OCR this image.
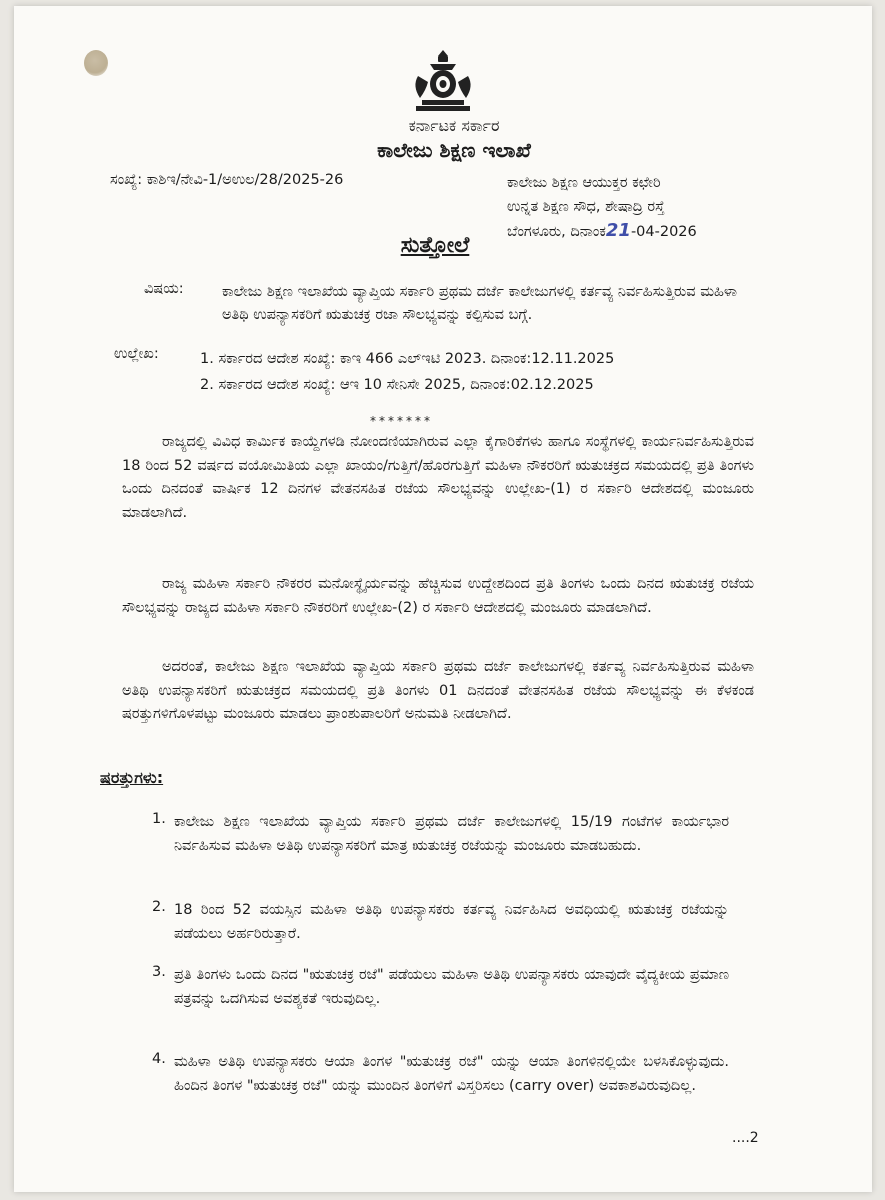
ಕರ್ನಾಟಕ ಸರ್ಕಾರ
ಕಾಲೇಜು ಶಿಕ್ಷಣ ಇಲಾಖೆ
ಸಂಖ್ಯೆ: ಕಾಶಿಇ/ನೇವಿ-1/ಅಉಲ/28/2025-26	ಕಾಲೇಜು ಶಿಕ್ಷಣ ಆಯುಕ್ತರ ಕಛೇರಿ
ಉನ್ನತ ಶಿಕ್ಷಣ ಸೌಧ, ಶೇಷಾದ್ರಿ ರಸ್ತೆ
ಬೆಂಗಳೂರು, ದಿನಾಂಕ21-04-2026
ಸುತ್ತೋಲೆ
ವಿಷಯ:	ಕಾಲೇಜು ಶಿಕ್ಷಣ ಇಲಾಖೆಯ ವ್ಯಾಪ್ತಿಯ ಸರ್ಕಾರಿ ಪ್ರಥಮ ದರ್ಜೆ ಕಾಲೇಜುಗಳಲ್ಲಿ ಕರ್ತವ್ಯ ನಿರ್ವಹಿಸುತ್ತಿರುವ ಮಹಿಳಾ ಅತಿಥಿ ಉಪನ್ಯಾಸಕರಿಗೆ ಋತುಚಕ್ರ ರಜಾ ಸೌಲಭ್ಯವನ್ನು ಕಲ್ಪಿಸುವ ಬಗ್ಗೆ.
ಉಲ್ಲೇಖ:	1. ಸರ್ಕಾರದ ಆದೇಶ ಸಂಖ್ಯೆ: ಕಾಇ 466 ಎಲ್ಇಟಿ 2023. ದಿನಾಂಕ:12.11.2025
2. ಸರ್ಕಾರದ ಆದೇಶ ಸಂಖ್ಯೆ: ಆಇ 10 ಸೇನಿಸೇ 2025, ದಿನಾಂಕ:02.12.2025
*******
ರಾಜ್ಯದಲ್ಲಿ ವಿವಿಧ ಕಾರ್ಮಿಕ ಕಾಯ್ದೆಗಳಡಿ ನೋಂದಣಿಯಾಗಿರುವ ಎಲ್ಲಾ ಕೈಗಾರಿಕೆಗಳು ಹಾಗೂ ಸಂಸ್ಥೆಗಳಲ್ಲಿ ಕಾರ್ಯನಿರ್ವಹಿಸುತ್ತಿರುವ 18 ರಿಂದ 52 ವರ್ಷದ ವಯೋಮಿತಿಯ ಎಲ್ಲಾ ಖಾಯಂ/ಗುತ್ತಿಗೆ/ಹೊರಗುತ್ತಿಗೆ ಮಹಿಳಾ ನೌಕರರಿಗೆ ಋತುಚಕ್ರದ ಸಮಯದಲ್ಲಿ ಪ್ರತಿ ತಿಂಗಳು ಒಂದು ದಿನದಂತೆ ವಾರ್ಷಿಕ 12 ದಿನಗಳ ವೇತನಸಹಿತ ರಜೆಯ ಸೌಲಭ್ಯವನ್ನು ಉಲ್ಲೇಖ-(1) ರ ಸರ್ಕಾರಿ ಆದೇಶದಲ್ಲಿ ಮಂಜೂರು ಮಾಡಲಾಗಿದೆ.
ರಾಜ್ಯ ಮಹಿಳಾ ಸರ್ಕಾರಿ ನೌಕರರ ಮನೋಸ್ಥೈರ್ಯವನ್ನು ಹೆಚ್ಚಿಸುವ ಉದ್ದೇಶದಿಂದ ಪ್ರತಿ ತಿಂಗಳು ಒಂದು ದಿನದ ಋತುಚಕ್ರ ರಜೆಯ ಸೌಲಭ್ಯವನ್ನು ರಾಜ್ಯದ ಮಹಿಳಾ ಸರ್ಕಾರಿ ನೌಕರರಿಗೆ ಉಲ್ಲೇಖ-(2) ರ ಸರ್ಕಾರಿ ಆದೇಶದಲ್ಲಿ ಮಂಜೂರು ಮಾಡಲಾಗಿದೆ.
ಅದರಂತೆ, ಕಾಲೇಜು ಶಿಕ್ಷಣ ಇಲಾಖೆಯ ವ್ಯಾಪ್ತಿಯ ಸರ್ಕಾರಿ ಪ್ರಥಮ ದರ್ಜೆ ಕಾಲೇಜುಗಳಲ್ಲಿ ಕರ್ತವ್ಯ ನಿರ್ವಹಿಸುತ್ತಿರುವ ಮಹಿಳಾ ಅತಿಥಿ ಉಪನ್ಯಾಸಕರಿಗೆ ಋತುಚಕ್ರದ ಸಮಯದಲ್ಲಿ ಪ್ರತಿ ತಿಂಗಳು 01 ದಿನದಂತೆ ವೇತನಸಹಿತ ರಜೆಯ ಸೌಲಭ್ಯವನ್ನು ಈ ಕೆಳಕಂಡ ಷರತ್ತುಗಳಿಗೊಳಪಟ್ಟು ಮಂಜೂರು ಮಾಡಲು ಪ್ರಾಂಶುಪಾಲರಿಗೆ ಅನುಮತಿ ನೀಡಲಾಗಿದೆ.
ಷರತ್ತುಗಳು:
1. ಕಾಲೇಜು ಶಿಕ್ಷಣ ಇಲಾಖೆಯ ವ್ಯಾಪ್ತಿಯ ಸರ್ಕಾರಿ ಪ್ರಥಮ ದರ್ಜೆ ಕಾಲೇಜುಗಳಲ್ಲಿ 15/19 ಗಂಟೆಗಳ ಕಾರ್ಯಭಾರ ನಿರ್ವಹಿಸುವ ಮಹಿಳಾ ಅತಿಥಿ ಉಪನ್ಯಾಸಕರಿಗೆ ಮಾತ್ರ ಋತುಚಕ್ರ ರಜೆಯನ್ನು ಮಂಜೂರು ಮಾಡಬಹುದು.
2. 18 ರಿಂದ 52 ವಯಸ್ಸಿನ ಮಹಿಳಾ ಅತಿಥಿ ಉಪನ್ಯಾಸಕರು ಕರ್ತವ್ಯ ನಿರ್ವಹಿಸಿದ ಅವಧಿಯಲ್ಲಿ ಋತುಚಕ್ರ ರಜೆಯನ್ನು ಪಡೆಯಲು ಅರ್ಹರಿರುತ್ತಾರೆ.
3. ಪ್ರತಿ ತಿಂಗಳು ಒಂದು ದಿನದ "ಋತುಚಕ್ರ ರಜೆ" ಪಡೆಯಲು ಮಹಿಳಾ ಅತಿಥಿ ಉಪನ್ಯಾಸಕರು ಯಾವುದೇ ವೈದ್ಯಕೀಯ ಪ್ರಮಾಣ ಪತ್ರವನ್ನು ಒದಗಿಸುವ ಅವಶ್ಯಕತೆ ಇರುವುದಿಲ್ಲ.
4. ಮಹಿಳಾ ಅತಿಥಿ ಉಪನ್ಯಾಸಕರು ಆಯಾ ತಿಂಗಳ "ಋತುಚಕ್ರ ರಜೆ" ಯನ್ನು ಆಯಾ ತಿಂಗಳಿನಲ್ಲಿಯೇ ಬಳಸಿಕೊಳ್ಳುವುದು. ಹಿಂದಿನ ತಿಂಗಳ "ಋತುಚಕ್ರ ರಜೆ" ಯನ್ನು ಮುಂದಿನ ತಿಂಗಳಿಗೆ ವಿಸ್ತರಿಸಲು (carry over) ಅವಕಾಶವಿರುವುದಿಲ್ಲ.
....2
